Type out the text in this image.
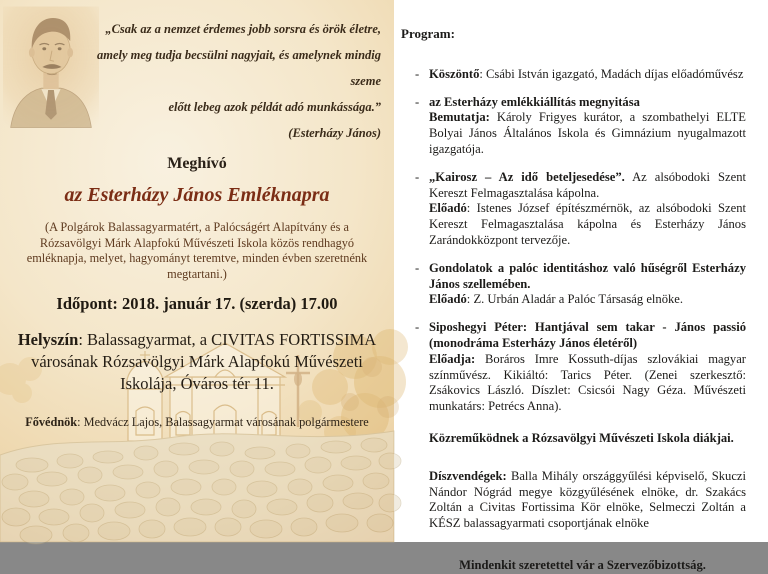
„Csak az a nemzet érdemes jobb sorsra és örök életre,
amely meg tudja becsülni nagyjait, és amelynek mindig szeme
előtt lebeg azok példát adó munkássága.”
(Esterházy János)
Meghívó
az Esterházy János Emléknapra
(A Polgárok Balassagyarmatért, a Palócságért Alapítvány és a Rózsavölgyi Márk Alapfokú Művészeti Iskola közös rendhagyó emléknapja, melyet, hagyományt teremtve, minden évben szeretnénk megtartani.)
Időpont: 2018. január 17. (szerda) 17.00
Helyszín: Balassagyarmat, a CIVITAS FORTISSIMA városának Rózsavölgyi Márk Alapfokú Művészeti Iskolája, Óváros tér 11.
Fővédnök: Medvácz Lajos, Balassagyarmat városának polgármestere

Program:

- Köszöntő: Csábi István igazgató, Madách díjas előadóművész

- az Esterházy emlékkiállítás megnyitása

Bemutatja: Károly Frigyes kurátor, a szombathelyi ELTE Bolyai János Általános Iskola és Gimnázium nyugalmazott igazgatója.

- „Kairosz – Az idő beteljesedése”. Az alsóbodoki Szent Kereszt Felmagasztalása kápolna.

Előadó: Istenes József építészmérnök, az alsóbodoki Szent Kereszt Felmagasztalása kápolna és Esterházy János Zarándokközpont tervezője.

- Gondolatok a palóc identitáshoz való hűségről Esterházy János szellemében.

Előadó: Z. Urbán Aladár a Palóc Társaság elnöke.

- Siposhegyi Péter: Hantjával sem takar - János passió (monodráma Esterházy János életéről)

Előadja: Boráros Imre Kossuth-díjas szlovákiai magyar színművész. Kikiáltó: Tarics Péter. (Zenei szerkesztő: Zsákovics László. Díszlet: Csicsói Nagy Géza. Művészeti munkatárs: Petrécs Anna).

Közreműködnek a Rózsavölgyi Művészeti Iskola diákjai.

Díszvendégek: Balla Mihály országgyűlési képviselő, Skuczi Nándor Nógrád megye közgyűlésének elnöke, dr. Szakács Zoltán a Civitas Fortissima Kör elnöke, Selmeczi Zoltán a KÉSZ balassagyarmati csoportjának elnöke

Mindenkit szeretettel vár a Szervezőbizottság.
